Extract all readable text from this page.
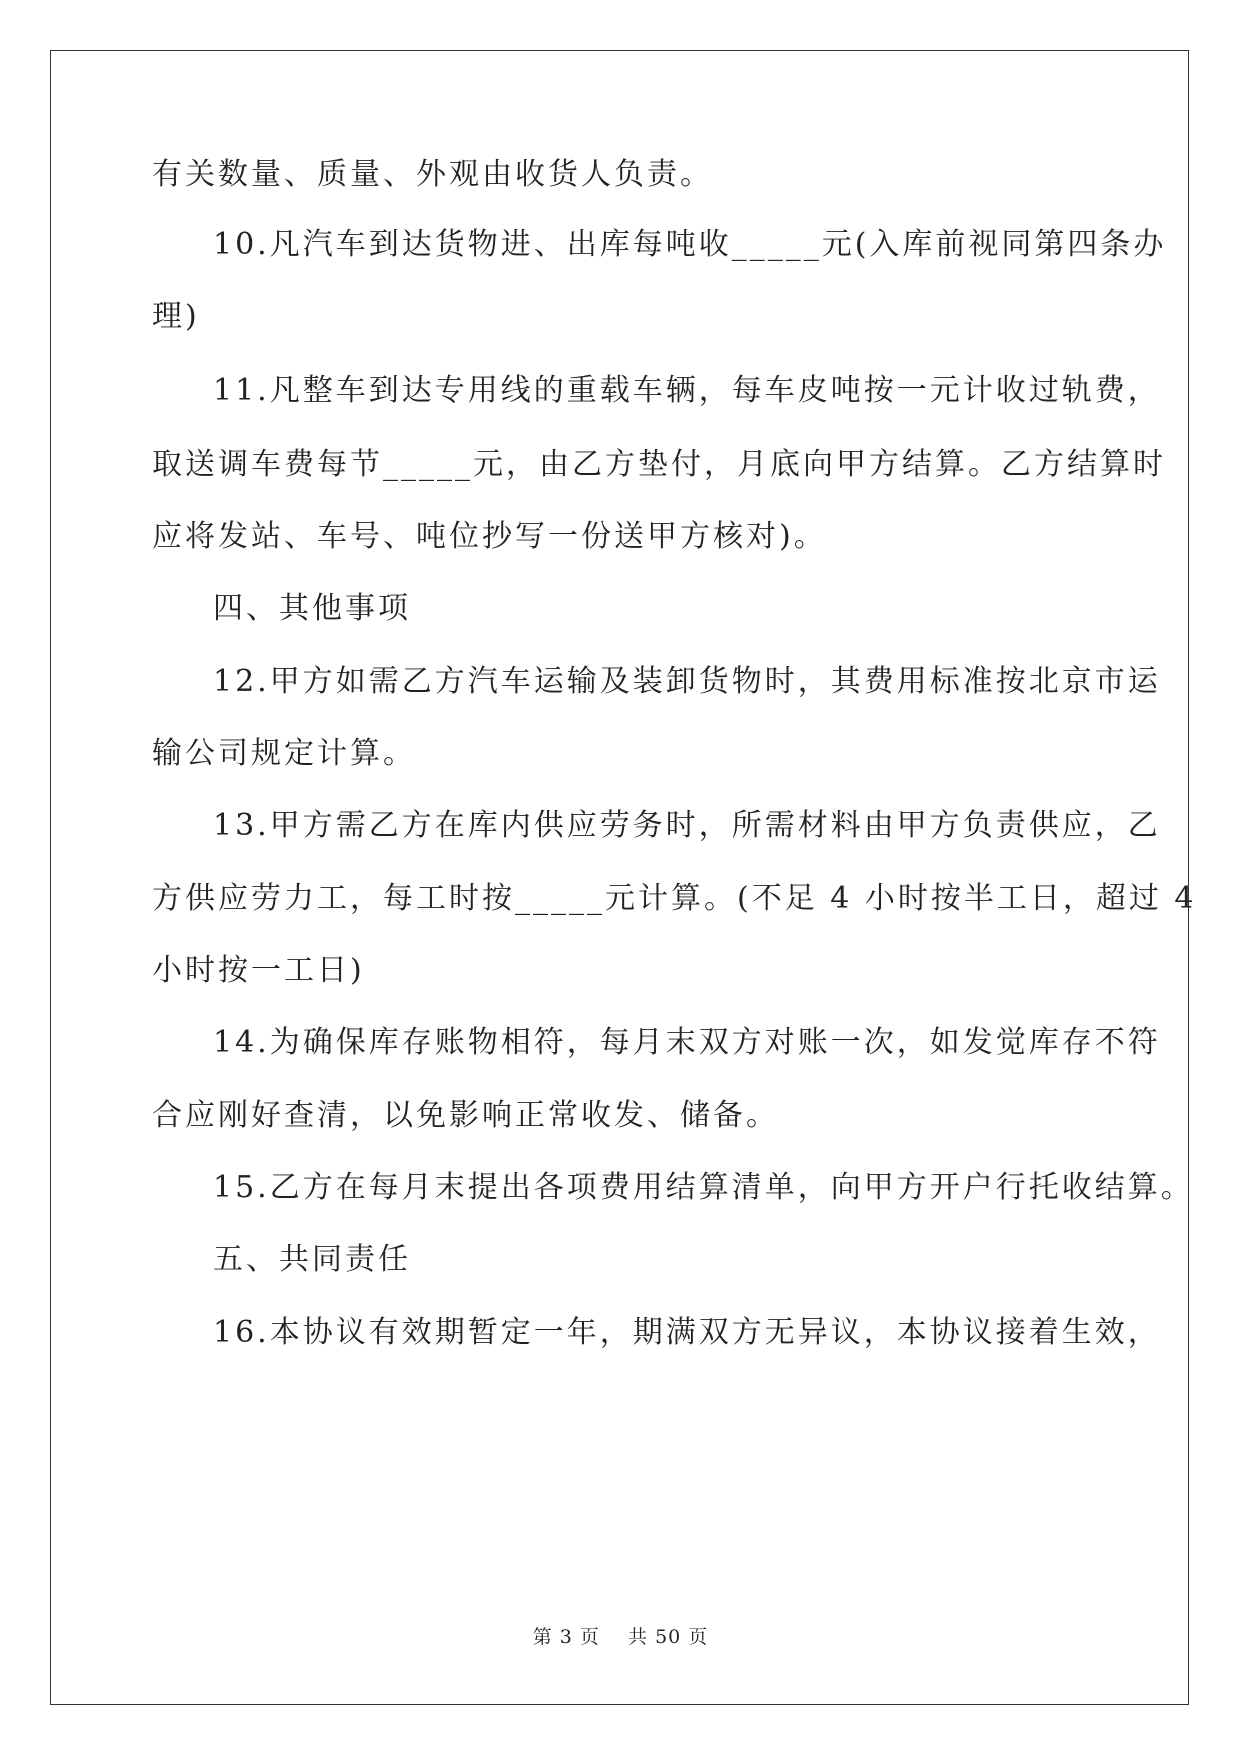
有关数量、质量、外观由收货人负责。
10.凡汽车到达货物进、出库每吨收_____元(入库前视同第四条办
理)
11.凡整车到达专用线的重载车辆，每车皮吨按一元计收过轨费，
取送调车费每节_____元，由乙方垫付，月底向甲方结算。乙方结算时
应将发站、车号、吨位抄写一份送甲方核对)。
四、其他事项
12.甲方如需乙方汽车运输及装卸货物时，其费用标准按北京市运
输公司规定计算。
13.甲方需乙方在库内供应劳务时，所需材料由甲方负责供应，乙
方供应劳力工，每工时按_____元计算。(不足 4 小时按半工日，超过 4
小时按一工日)
14.为确保库存账物相符，每月末双方对账一次，如发觉库存不符
合应刚好查清，以免影响正常收发、储备。
15.乙方在每月末提出各项费用结算清单，向甲方开户行托收结算。
五、共同责任
16.本协议有效期暂定一年，期满双方无异议，本协议接着生效，
第 3 页    共 50 页
